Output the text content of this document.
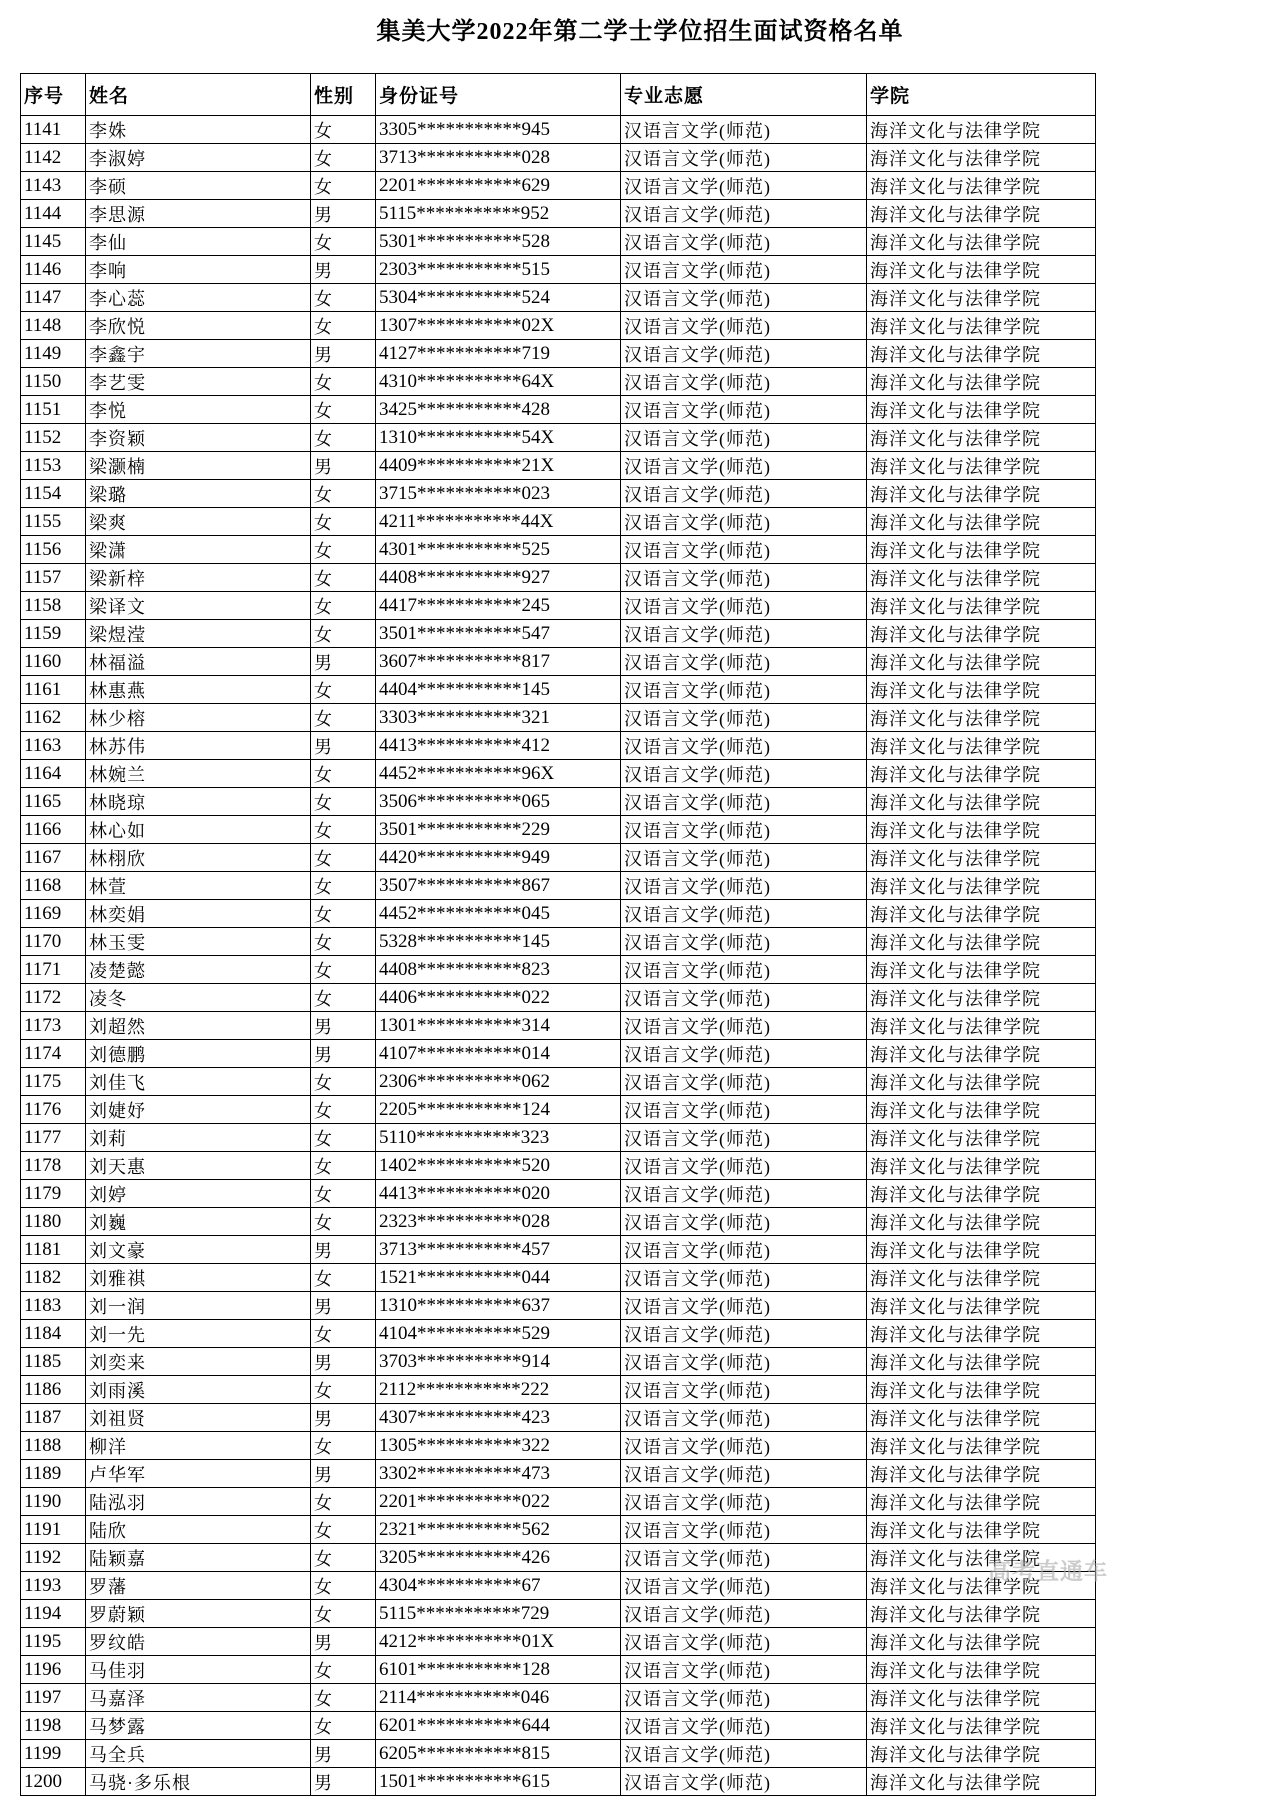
集美大学2022年第二学士学位招生面试资格名单
序号	姓名	性别	身份证号	专业志愿	学院
1141	李姝	女	3305***********945	汉语言文学(师范)	海洋文化与法律学院
1142	李淑婷	女	3713***********028	汉语言文学(师范)	海洋文化与法律学院
1143	李硕	女	2201***********629	汉语言文学(师范)	海洋文化与法律学院
1144	李思源	男	5115***********952	汉语言文学(师范)	海洋文化与法律学院
1145	李仙	女	5301***********528	汉语言文学(师范)	海洋文化与法律学院
1146	李响	男	2303***********515	汉语言文学(师范)	海洋文化与法律学院
1147	李心蕊	女	5304***********524	汉语言文学(师范)	海洋文化与法律学院
1148	李欣悦	女	1307***********02X	汉语言文学(师范)	海洋文化与法律学院
1149	李鑫宇	男	4127***********719	汉语言文学(师范)	海洋文化与法律学院
1150	李艺雯	女	4310***********64X	汉语言文学(师范)	海洋文化与法律学院
1151	李悦	女	3425***********428	汉语言文学(师范)	海洋文化与法律学院
1152	李资颖	女	1310***********54X	汉语言文学(师范)	海洋文化与法律学院
1153	梁灏楠	男	4409***********21X	汉语言文学(师范)	海洋文化与法律学院
1154	梁璐	女	3715***********023	汉语言文学(师范)	海洋文化与法律学院
1155	梁爽	女	4211***********44X	汉语言文学(师范)	海洋文化与法律学院
1156	梁潇	女	4301***********525	汉语言文学(师范)	海洋文化与法律学院
1157	梁新梓	女	4408***********927	汉语言文学(师范)	海洋文化与法律学院
1158	梁译文	女	4417***********245	汉语言文学(师范)	海洋文化与法律学院
1159	梁煜滢	女	3501***********547	汉语言文学(师范)	海洋文化与法律学院
1160	林福溢	男	3607***********817	汉语言文学(师范)	海洋文化与法律学院
1161	林惠燕	女	4404***********145	汉语言文学(师范)	海洋文化与法律学院
1162	林少榕	女	3303***********321	汉语言文学(师范)	海洋文化与法律学院
1163	林苏伟	男	4413***********412	汉语言文学(师范)	海洋文化与法律学院
1164	林婉兰	女	4452***********96X	汉语言文学(师范)	海洋文化与法律学院
1165	林晓琼	女	3506***********065	汉语言文学(师范)	海洋文化与法律学院
1166	林心如	女	3501***********229	汉语言文学(师范)	海洋文化与法律学院
1167	林栩欣	女	4420***********949	汉语言文学(师范)	海洋文化与法律学院
1168	林萱	女	3507***********867	汉语言文学(师范)	海洋文化与法律学院
1169	林奕娟	女	4452***********045	汉语言文学(师范)	海洋文化与法律学院
1170	林玉雯	女	5328***********145	汉语言文学(师范)	海洋文化与法律学院
1171	凌楚懿	女	4408***********823	汉语言文学(师范)	海洋文化与法律学院
1172	凌冬	女	4406***********022	汉语言文学(师范)	海洋文化与法律学院
1173	刘超然	男	1301***********314	汉语言文学(师范)	海洋文化与法律学院
1174	刘德鹏	男	4107***********014	汉语言文学(师范)	海洋文化与法律学院
1175	刘佳飞	女	2306***********062	汉语言文学(师范)	海洋文化与法律学院
1176	刘婕妤	女	2205***********124	汉语言文学(师范)	海洋文化与法律学院
1177	刘莉	女	5110***********323	汉语言文学(师范)	海洋文化与法律学院
1178	刘天惠	女	1402***********520	汉语言文学(师范)	海洋文化与法律学院
1179	刘婷	女	4413***********020	汉语言文学(师范)	海洋文化与法律学院
1180	刘巍	女	2323***********028	汉语言文学(师范)	海洋文化与法律学院
1181	刘文豪	男	3713***********457	汉语言文学(师范)	海洋文化与法律学院
1182	刘雅祺	女	1521***********044	汉语言文学(师范)	海洋文化与法律学院
1183	刘一润	男	1310***********637	汉语言文学(师范)	海洋文化与法律学院
1184	刘一先	女	4104***********529	汉语言文学(师范)	海洋文化与法律学院
1185	刘奕来	男	3703***********914	汉语言文学(师范)	海洋文化与法律学院
1186	刘雨溪	女	2112***********222	汉语言文学(师范)	海洋文化与法律学院
1187	刘祖贤	男	4307***********423	汉语言文学(师范)	海洋文化与法律学院
1188	柳洋	女	1305***********322	汉语言文学(师范)	海洋文化与法律学院
1189	卢华军	男	3302***********473	汉语言文学(师范)	海洋文化与法律学院
1190	陆泓羽	女	2201***********022	汉语言文学(师范)	海洋文化与法律学院
1191	陆欣	女	2321***********562	汉语言文学(师范)	海洋文化与法律学院
1192	陆颖嘉	女	3205***********426	汉语言文学(师范)	海洋文化与法律学院
1193	罗藩	女	4304***********67	汉语言文学(师范)	海洋文化与法律学院
1194	罗蔚颖	女	5115***********729	汉语言文学(师范)	海洋文化与法律学院
1195	罗纹皓	男	4212***********01X	汉语言文学(师范)	海洋文化与法律学院
1196	马佳羽	女	6101***********128	汉语言文学(师范)	海洋文化与法律学院
1197	马嘉泽	女	2114***********046	汉语言文学(师范)	海洋文化与法律学院
1198	马梦露	女	6201***********644	汉语言文学(师范)	海洋文化与法律学院
1199	马全兵	男	6205***********815	汉语言文学(师范)	海洋文化与法律学院
1200	马骁·多乐根	男	1501***********615	汉语言文学(师范)	海洋文化与法律学院
高考直通车
